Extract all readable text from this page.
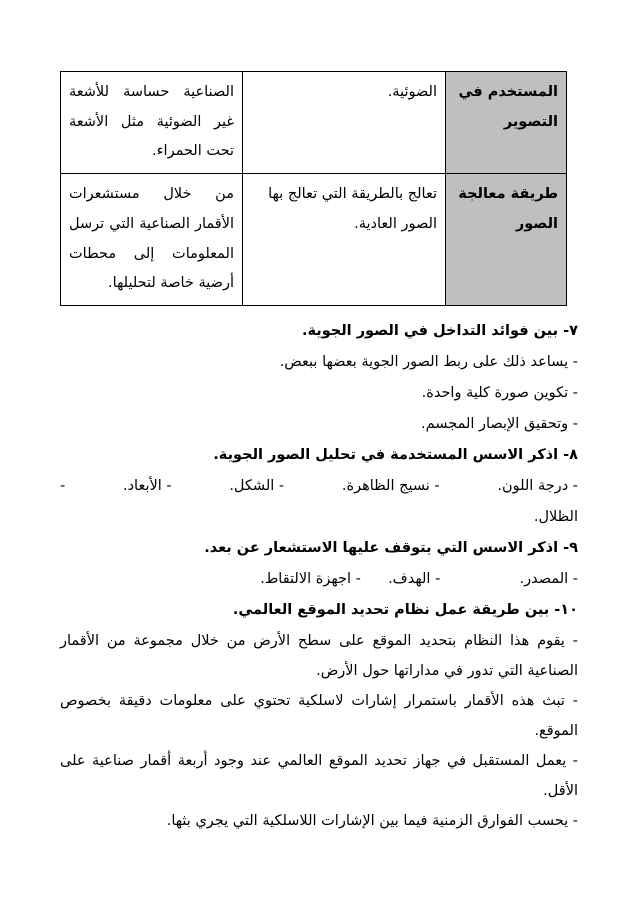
المستخدم في التصوير	الضوئية.	الصناعية حساسة للأشعة غير الضوئية مثل الأشعة تحت الحمراء.
طريقة معالجة الصور	تعالج بالطريقة التي تعالج بها الصور العادية.	من خلال مستشعرات الأقمار الصناعية التي ترسل المعلومات إلى محطات أرضية خاصة لتحليلها.

٧- بين فوائد التداخل في الصور الجوية.

- يساعد ذلك على ربط الصور الجوية بعضها ببعض.

- تكوين صورة كلية واحدة.

- وتحقيق الإبصار المجسم.

٨- اذكر الاسس المستخدمة في تحليل الصور الجوية.

- درجة اللون.
- نسيج الظاهرة.
- الشكل.
- الأبعاد.
-

الظلال.

٩- اذكر الاسس التي يتوقف عليها الاستشعار عن بعد.

- المصدر.  - الهدف.  - اجهزة الالتقاط.

١٠- بين طريقة عمل نظام تحديد الموقع العالمي.

- يقوم هذا النظام بتحديد الموقع على سطح الأرض من خلال مجموعة من الأقمار الصناعية التي تدور في مداراتها حول الأرض.

- تبث هذه الأقمار باستمرار إشارات لاسلكية تحتوي على معلومات دقيقة بخصوص الموقع.

- يعمل المستقبل في جهاز تحديد الموقع العالمي عند وجود أربعة أقمار صناعية على الأقل.

- يحسب الفوارق الزمنية فيما بين الإشارات اللاسلكية التي يجري بثها.
